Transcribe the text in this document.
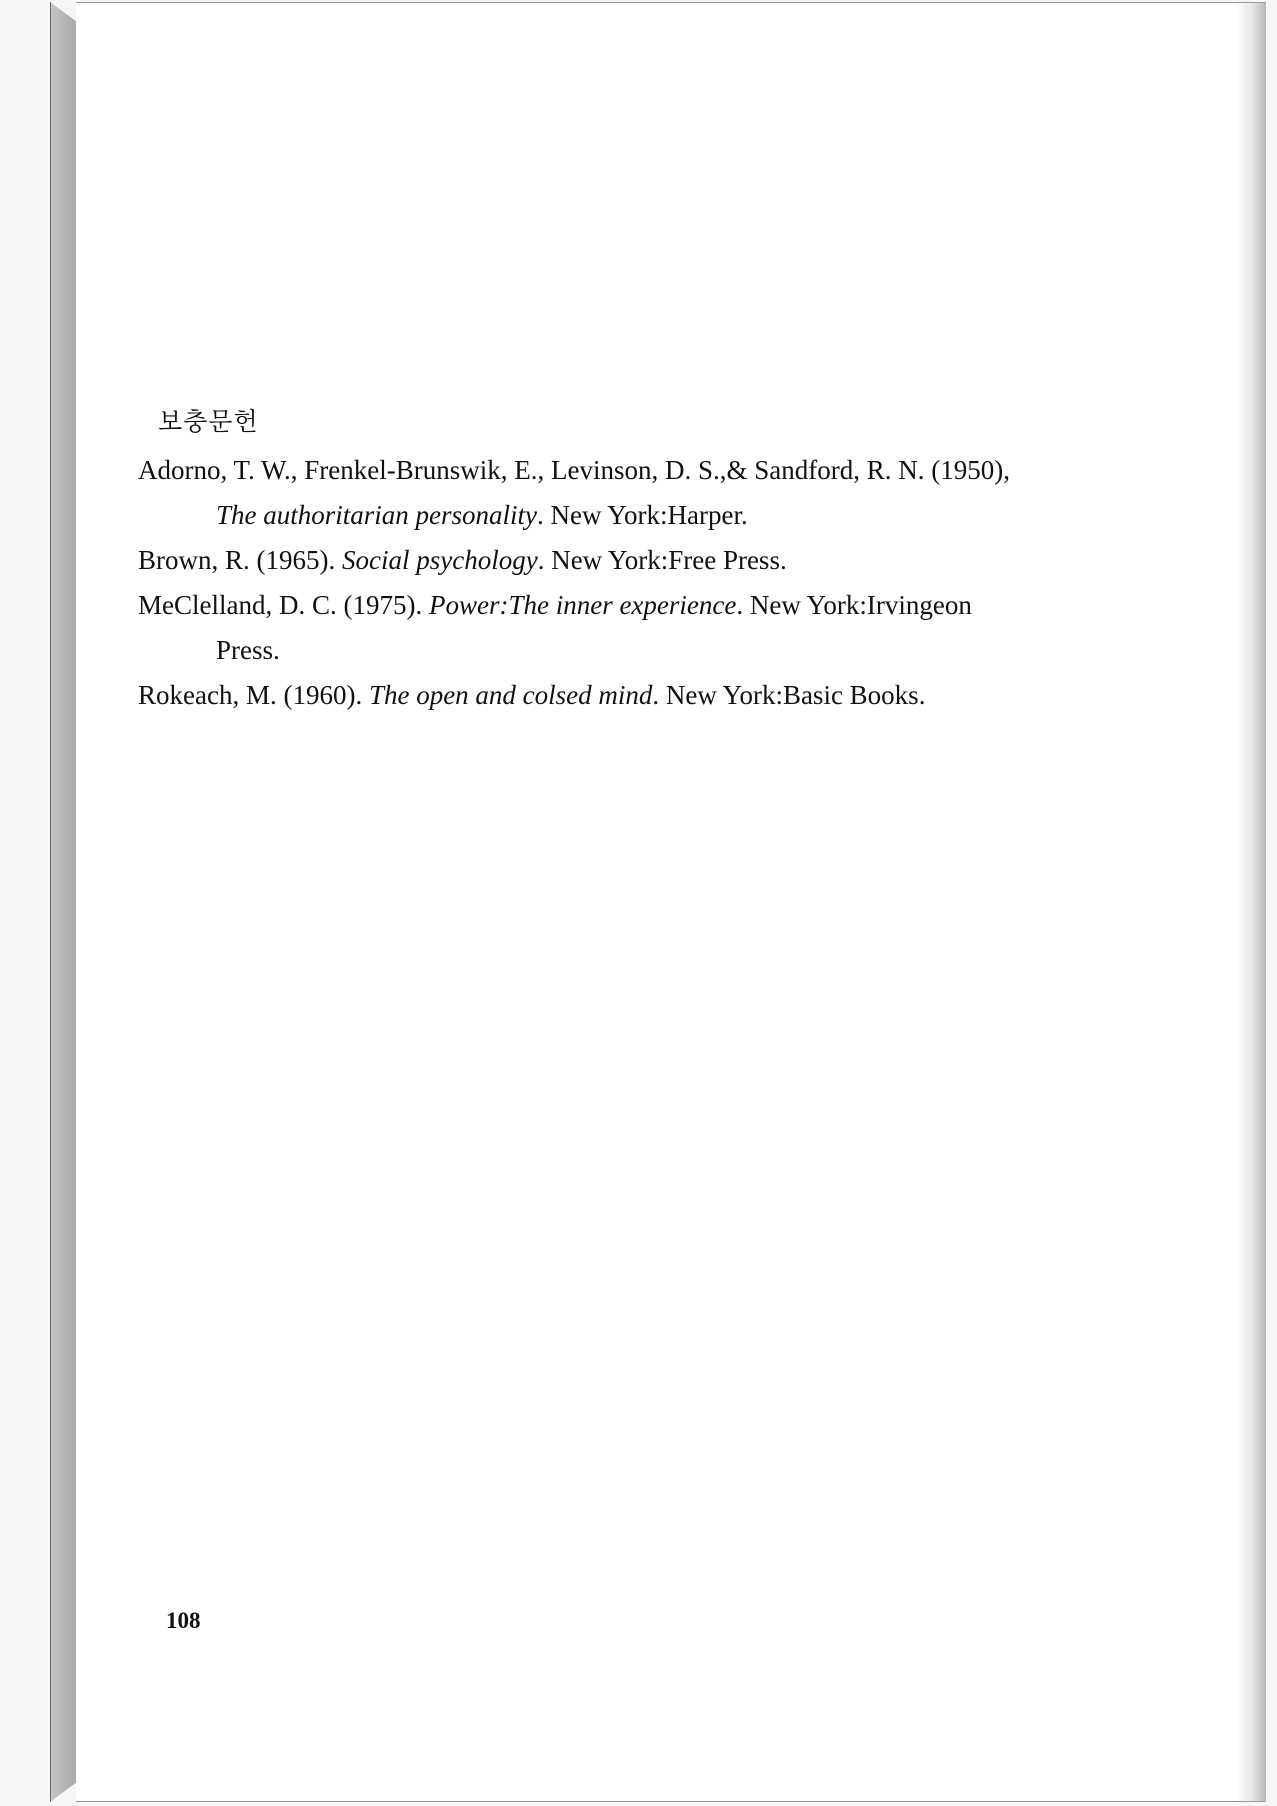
보충문헌

Adorno, T. W., Frenkel-Brunswik, E., Levinson, D. S.,& Sandford, R. N. (1950), The authoritarian personality. New York:Harper.

Brown, R. (1965). Social psychology. New York:Free Press.

MeClelland, D. C. (1975). Power:The inner experience. New York:Irvingeon Press.

Rokeach, M. (1960). The open and colsed mind. New York:Basic Books.

108
